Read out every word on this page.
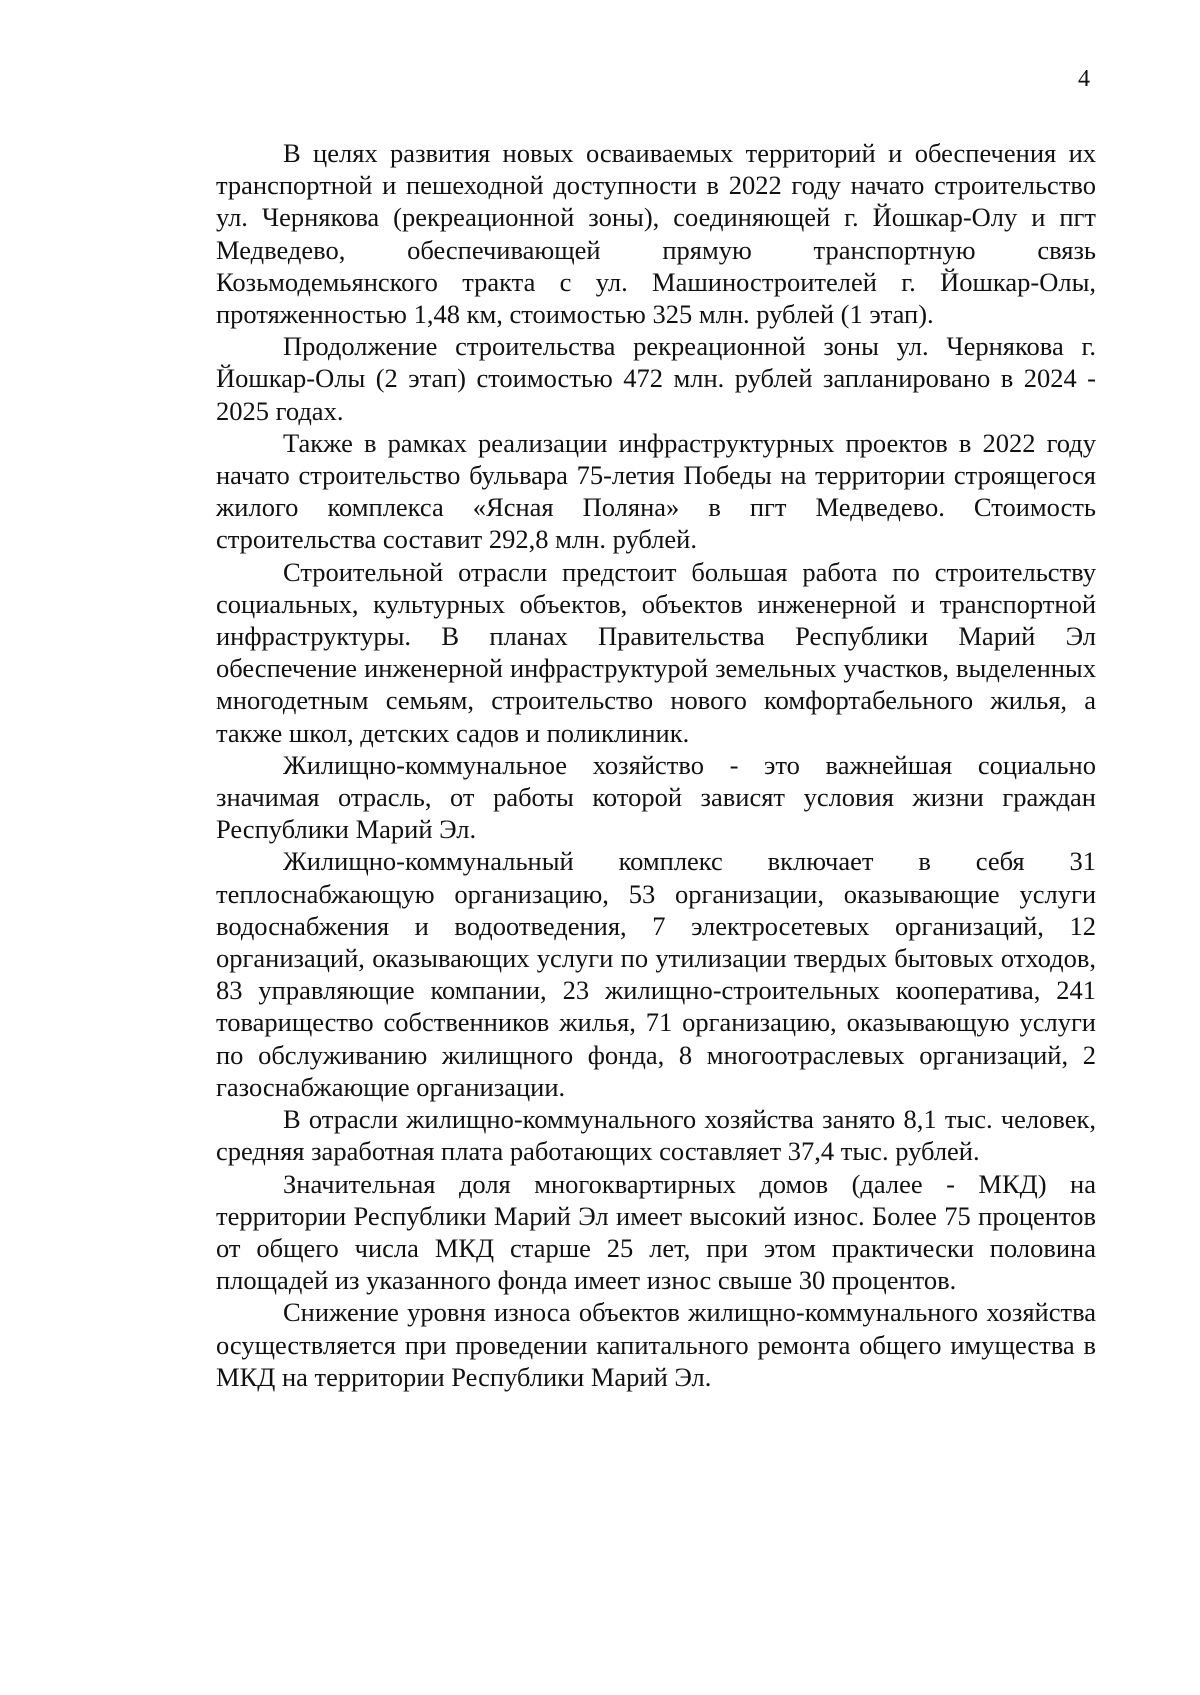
4

В целях развития новых осваиваемых территорий и обеспечения их транспортной и пешеходной доступности в 2022 году начато строительство ул. Чернякова (рекреационной зоны), соединяющей г. Йошкар-Олу и пгт Медведево, обеспечивающей прямую транспортную связь Козьмодемьянского тракта с ул. Машиностроителей г. Йошкар-Олы, протяженностью 1,48 км, стоимостью 325 млн. рублей (1 этап).

Продолжение строительства рекреационной зоны ул. Чернякова г. Йошкар-Олы (2 этап) стоимостью 472 млн. рублей запланировано в 2024 - 2025 годах.

Также в рамках реализации инфраструктурных проектов в 2022 году начато строительство бульвара 75-летия Победы на территории строящегося жилого комплекса «Ясная Поляна» в пгт Медведево. Стоимость строительства составит 292,8 млн. рублей.

Строительной отрасли предстоит большая работа по строительству социальных, культурных объектов, объектов инженерной и транспортной инфраструктуры. В планах Правительства Республики Марий Эл обеспечение инженерной инфраструктурой земельных участков, выделенных многодетным семьям, строительство нового комфортабельного жилья, а также школ, детских садов и поликлиник.

Жилищно-коммунальное хозяйство - это важнейшая социально значимая отрасль, от работы которой зависят условия жизни граждан Республики Марий Эл.

Жилищно-коммунальный комплекс включает в себя 31 теплоснабжающую организацию, 53 организации, оказывающие услуги водоснабжения и водоотведения, 7 электросетевых организаций, 12 организаций, оказывающих услуги по утилизации твердых бытовых отходов, 83 управляющие компании, 23 жилищно-строительных кооператива, 241 товарищество собственников жилья, 71 организацию, оказывающую услуги по обслуживанию жилищного фонда, 8 многоотраслевых организаций, 2 газоснабжающие организации.

В отрасли жилищно-коммунального хозяйства занято 8,1 тыс. человек, средняя заработная плата работающих составляет 37,4 тыс. рублей.

Значительная доля многоквартирных домов (далее - МКД) на территории Республики Марий Эл имеет высокий износ. Более 75 процентов от общего числа МКД старше 25 лет, при этом практически половина площадей из указанного фонда имеет износ свыше 30 процентов.

Снижение уровня износа объектов жилищно-коммунального хозяйства осуществляется при проведении капитального ремонта общего имущества в МКД на территории Республики Марий Эл.
